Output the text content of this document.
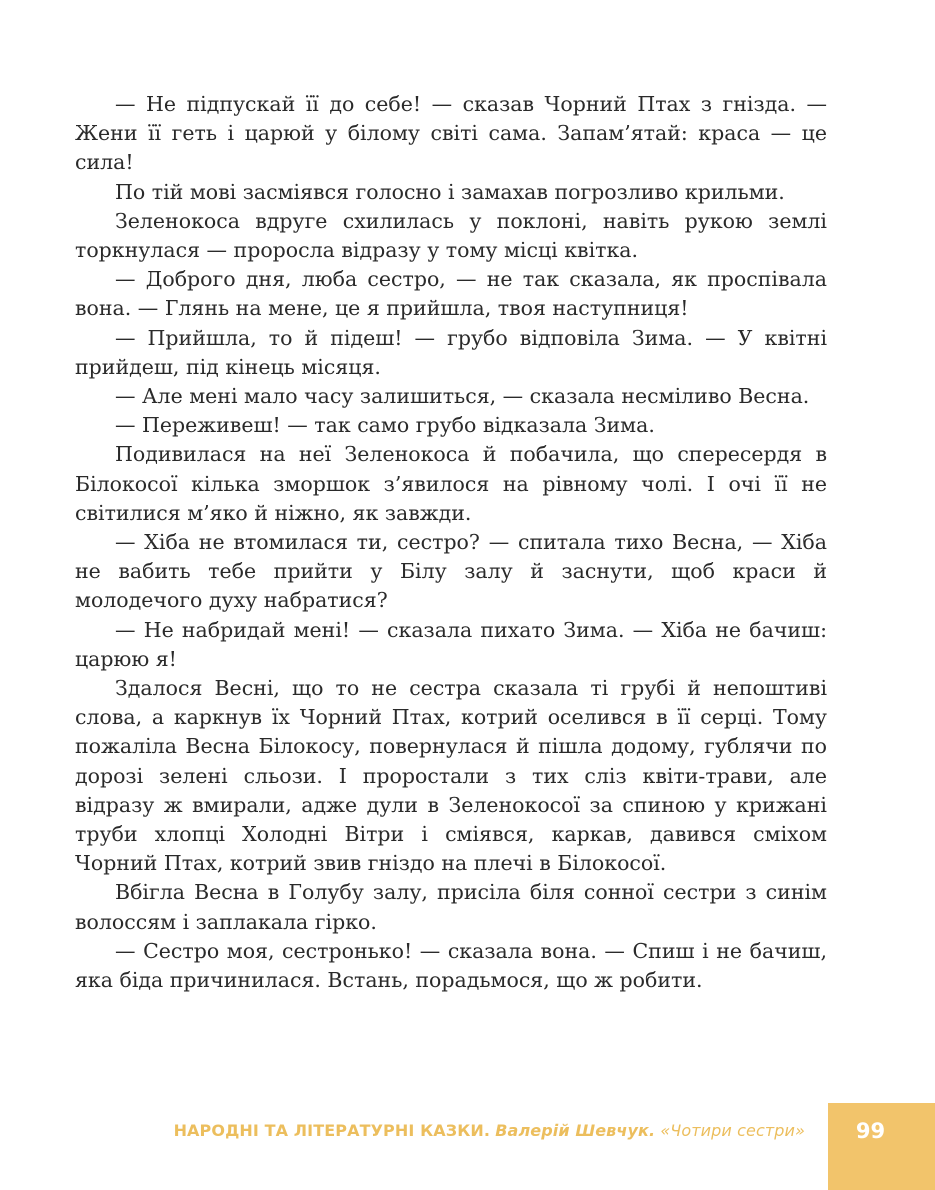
— Не підпускай її до себе! — сказав Чорний Птах з гнізда. — Жени її геть і царюй у білому світі сама. Запам’ятай: краса — це сила!

По тій мові засміявся голосно і замахав погрозливо крильми.

Зеленокоса вдруге схилилась у поклоні, навіть рукою землі торкнулася — проросла відразу у тому місці квітка.

— Доброго дня, люба сестро, — не так сказала, як проспівала вона. — Глянь на мене, це я прийшла, твоя наступниця!

— Прийшла, то й підеш! — грубо відповіла Зима. — У квітні прийдеш, під кінець місяця.

— Але мені мало часу залишиться, — сказала несміливо Весна.

— Переживеш! — так само грубо відказала Зима.

Подивилася на неї Зеленокоса й побачила, що спересердя в Білокосої кілька зморшок з’явилося на рівному чолі. І очі її не світилися м’яко й ніжно, як завжди.

— Хіба не втомилася ти, сестро? — спитала тихо Весна, — Хіба не вабить тебе прийти у Білу залу й заснути, щоб краси й молодечого духу набратися?

— Не набридай мені! — сказала пихато Зима. — Хіба не бачиш: царюю я!

Здалося Весні, що то не сестра сказала ті грубі й непоштиві слова, а каркнув їх Чорний Птах, котрий оселився в її серці. Тому пожаліла Весна Білокосу, повернулася й пішла додому, гублячи по дорозі зелені сльози. І проростали з тих сліз квіти-трави, але відразу ж вмирали, адже дули в Зеленокосої за спиною у крижані труби хлопці Холодні Вітри і сміявся, каркав, давився сміхом Чорний Птах, котрий звив гніздо на плечі в Білокосої.

Вбігла Весна в Голубу залу, присіла біля сонної сестри з синім волоссям і заплакала гірко.

— Сестро моя, сестронько! — сказала вона. — Спиш і не бачиш, яка біда причинилася. Встань, порадьмося, що ж робити.

НАРОДНІ ТА ЛІТЕРАТУРНІ КАЗКИ. Валерій Шевчук. «Чотири сестри»	99
